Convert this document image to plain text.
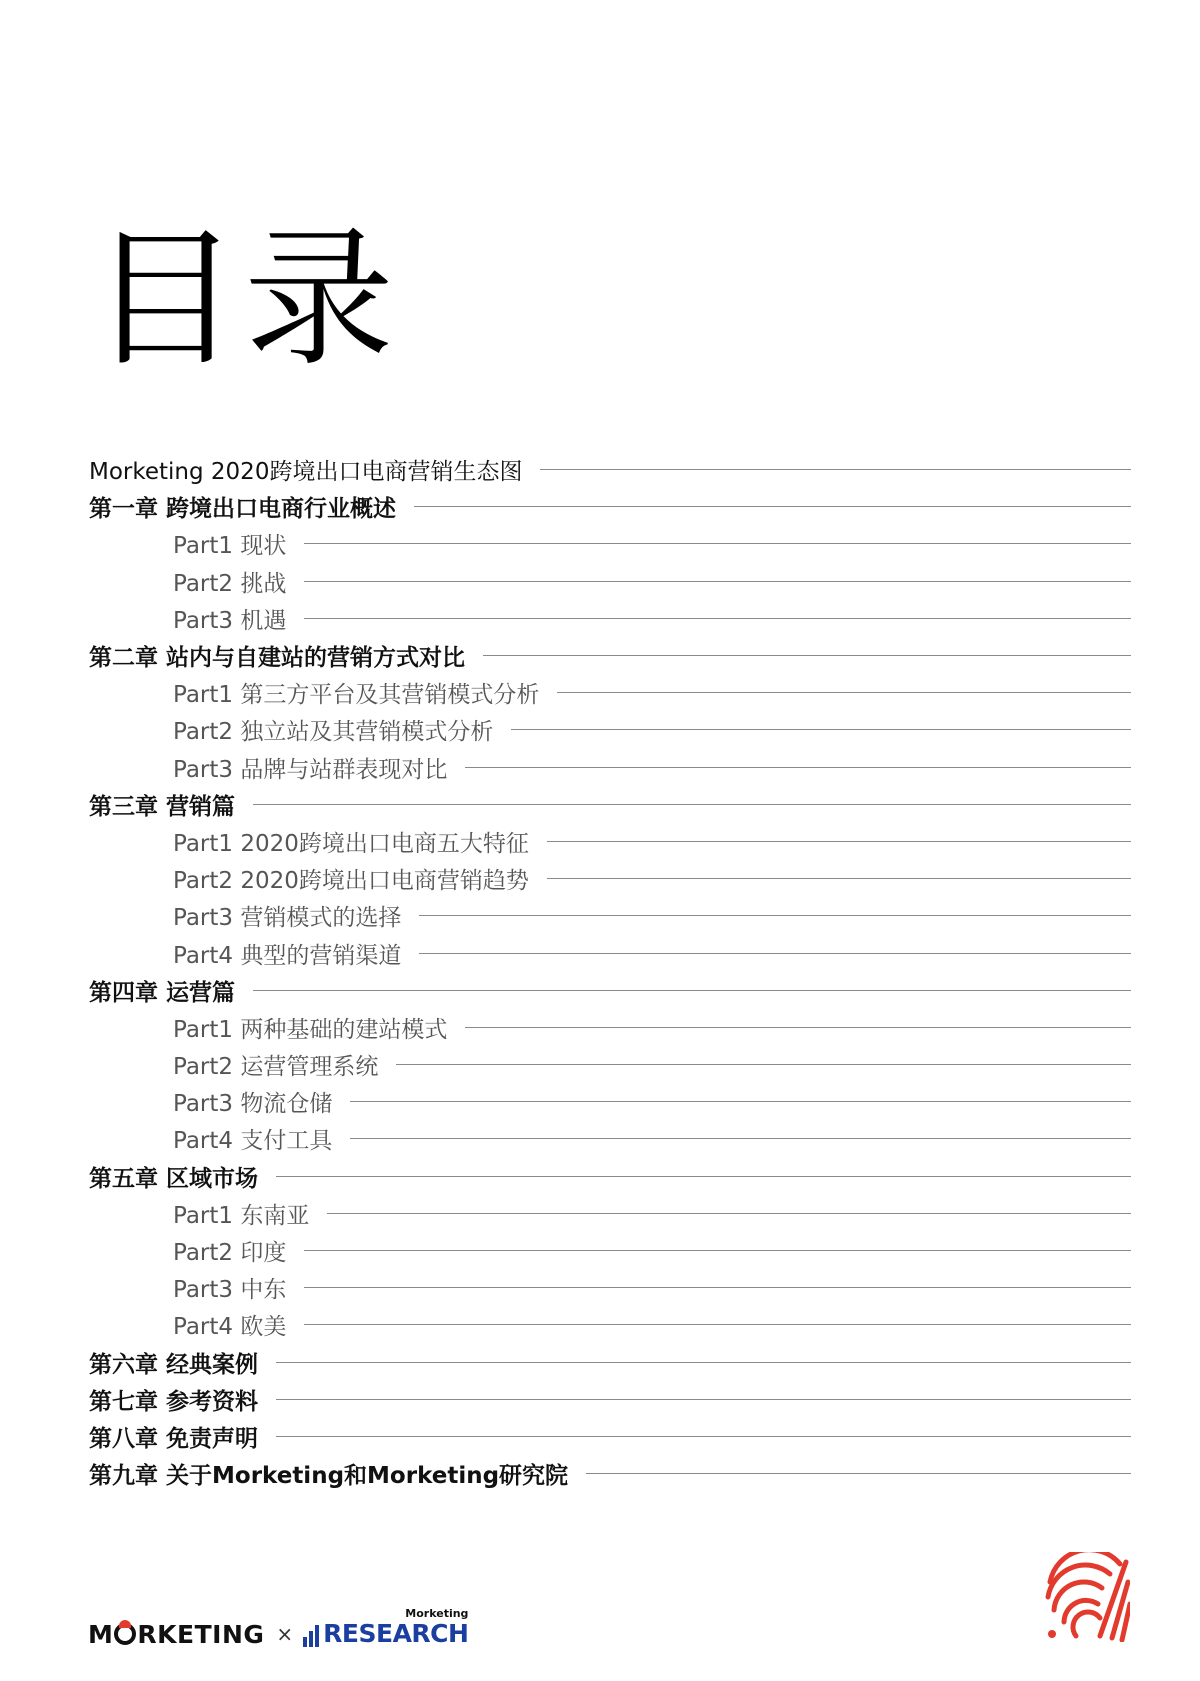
目录
Morketing 2020跨境出口电商营销生态图
第一章 跨境出口电商行业概述
Part1 现状
Part2 挑战
Part3 机遇
第二章 站内与自建站的营销方式对比
Part1 第三方平台及其营销模式分析
Part2 独立站及其营销模式分析
Part3 品牌与站群表现对比
第三章 营销篇
Part1 2020跨境出口电商五大特征
Part2 2020跨境出口电商营销趋势
Part3 营销模式的选择
Part4 典型的营销渠道
第四章 运营篇
Part1 两种基础的建站模式
Part2 运营管理系统
Part3 物流仓储
Part4 支付工具
第五章 区域市场
Part1 东南亚
Part2 印度
Part3 中东
Part4 欧美
第六章 经典案例
第七章 参考资料
第八章 免责声明
第九章 关于Morketing和Morketing研究院
M RKETING × RESEARCH
Morketing
